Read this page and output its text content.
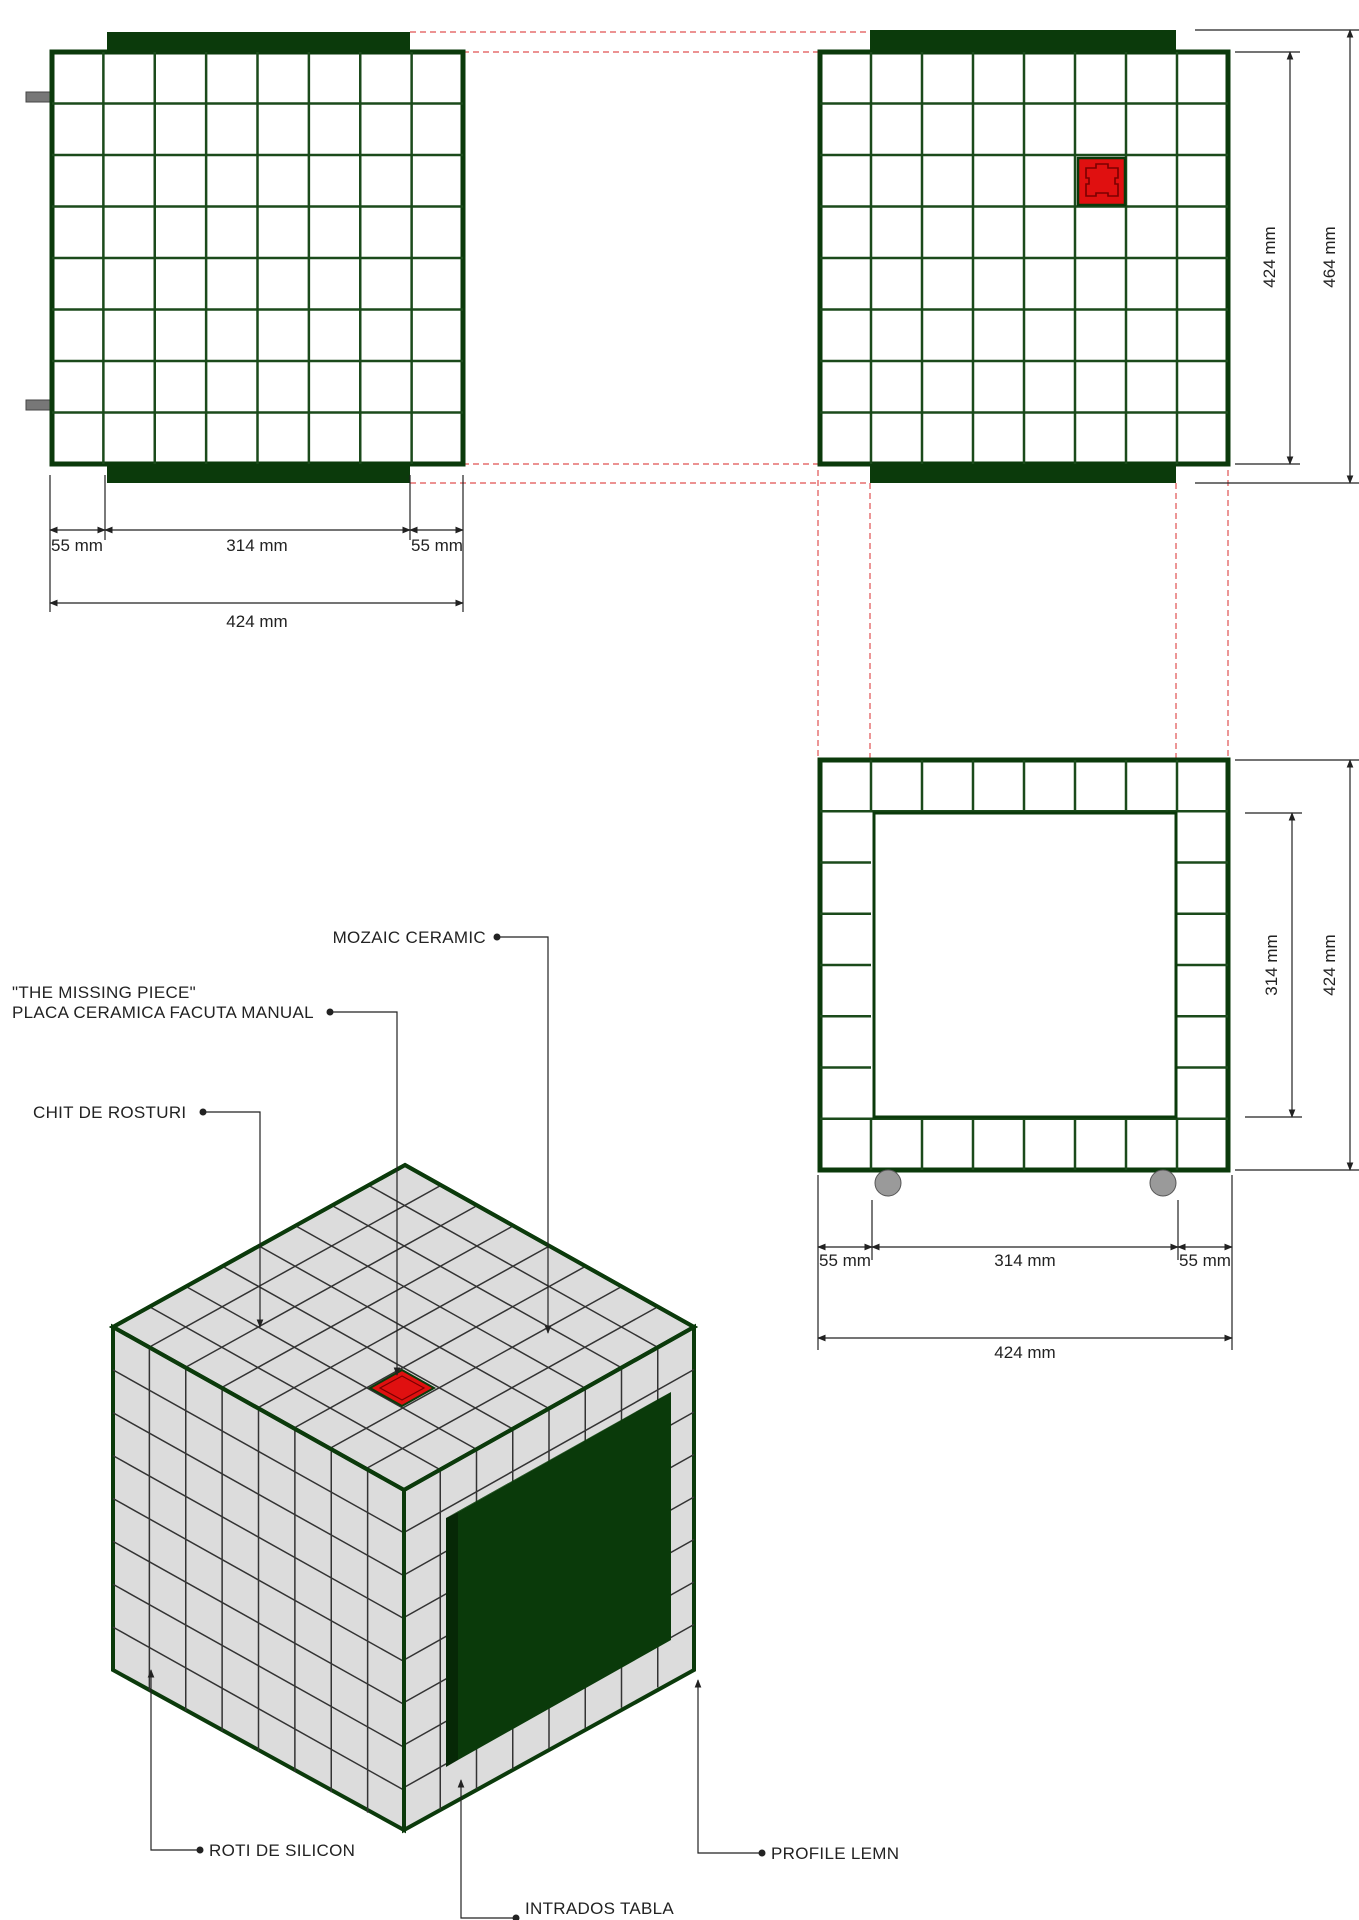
55 mm	314 mm	55 mm
424 mm
424 mm 464 mm
314 mm 424 mm
55 mm	314 mm	55 mm
424 mm
MOZAIC CERAMIC
"THE MISSING PIECE"
PLACA CERAMICA FACUTA MANUAL
CHIT DE ROSTURI
ROTI DE SILICON
INTRADOS TABLA
PROFILE LEMN
